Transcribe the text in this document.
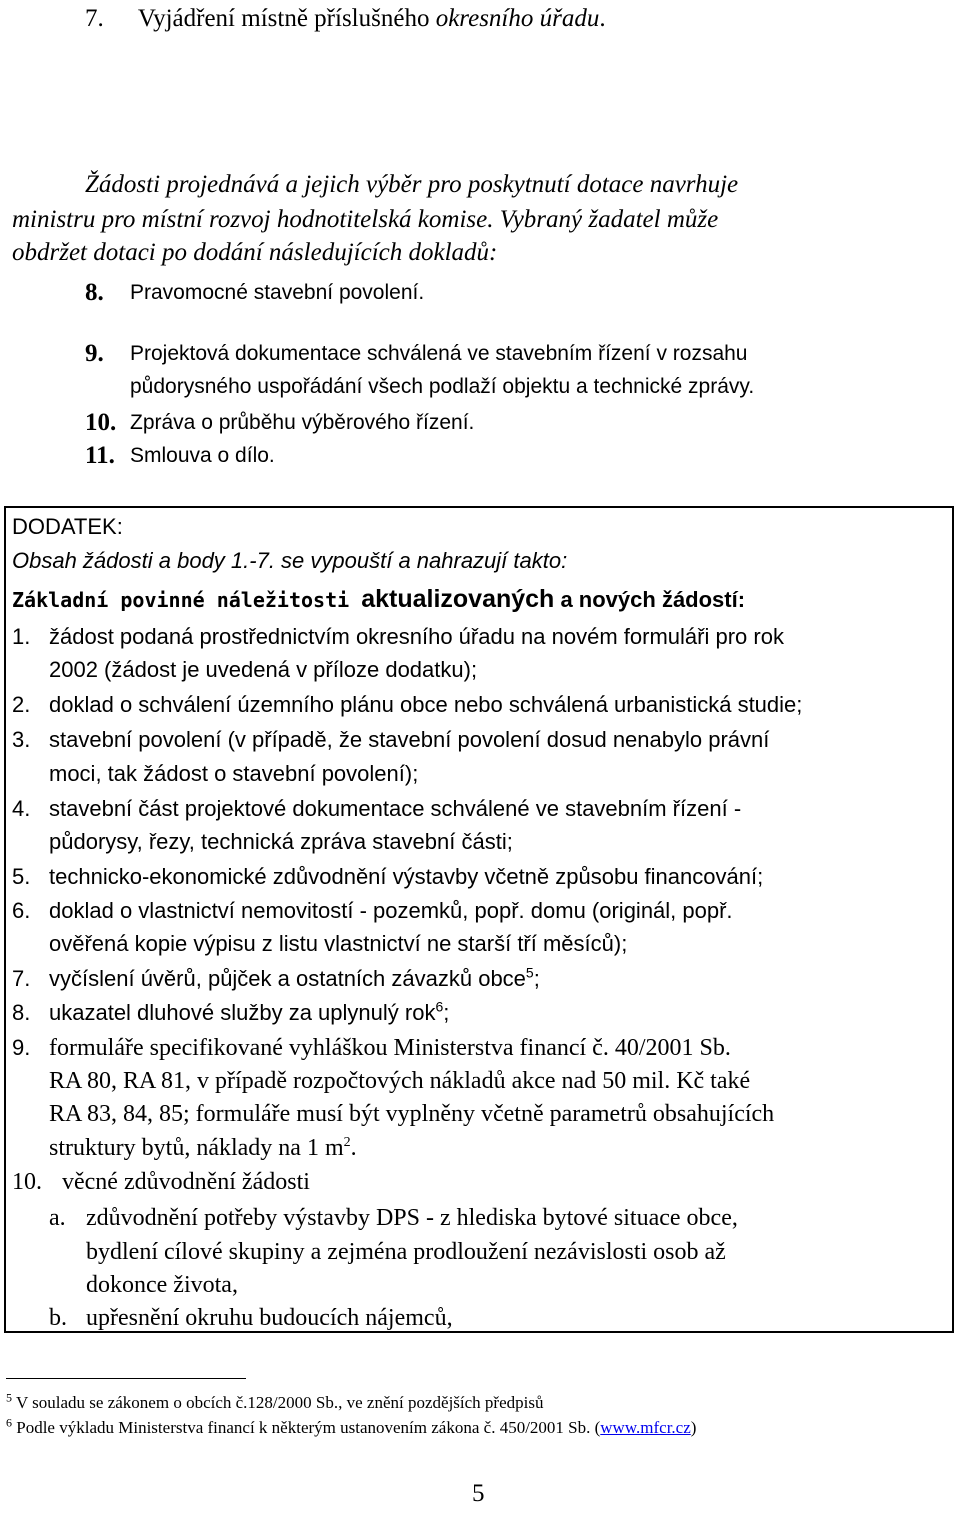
7. Vyjádření místně příslušného okresního úřadu.
Žádosti projednává a jejich výběr pro poskytnutí dotace navrhuje
ministru pro místní rozvoj hodnotitelská komise. Vybraný žadatel může
obdržet dotaci po dodání následujících dokladů:
8. Pravomocné stavební povolení.
9. Projektová dokumentace schválená ve stavebním řízení v rozsahu
půdorysného uspořádání všech podlaží objektu a technické zprávy.
10. Zpráva o průběhu výběrového řízení.
11. Smlouva o dílo.
DODATEK:
Obsah žádosti a body 1.-7. se vypouští a nahrazují takto:
Základní povinné náležitosti aktualizovaných a nových žádostí:
1. žádost podaná prostřednictvím okresního úřadu na novém formuláři pro rok
2002 (žádost je uvedená v příloze dodatku);
2. doklad o schválení územního plánu obce nebo schválená urbanistická studie;
3. stavební povolení (v případě, že stavební povolení dosud nenabylo právní
moci, tak žádost o stavební povolení);
4. stavební část projektové dokumentace schválené ve stavebním řízení -
půdorysy, řezy, technická zpráva stavební části;
5. technicko-ekonomické zdůvodnění výstavby včetně způsobu financování;
6. doklad o vlastnictví nemovitostí - pozemků, popř. domu (originál, popř.
ověřená kopie výpisu z listu vlastnictví ne starší tří měsíců);
7. vyčíslení úvěrů, půjček a ostatních závazků obce$^5$;
8. ukazatel dluhové služby za uplynulý rok$^6$;
9. formuláře specifikované vyhláškou Ministerstva financí č. 40/2001 Sb.
RA 80, RA 81, v případě rozpočtových nákladů akce nad 50 mil. Kč také
RA 83, 84, 85; formuláře musí být vyplněny včetně parametrů obsahujících
struktury bytů, náklady na 1 $m^2$.
10. věcné zdůvodnění žádosti
a. zdůvodnění potřeby výstavby DPS - z hlediska bytové situace obce,
bydlení cílové skupiny a zejména prodloužení nezávislosti osob až
dokonce života,
b. upřesnění okruhu budoucích nájemců,
$^5$ V souladu se zákonem o obcích č.128/2000 Sb., ve znění pozdějších předpisů
$^6$ Podle výkladu Ministerstva financí k některým ustanovením zákona č. 450/2001 Sb. (www.mfcr.cz)
5
